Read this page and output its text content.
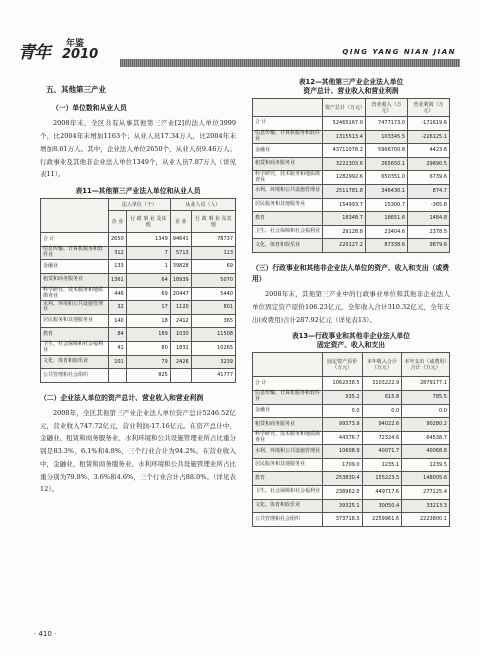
青年 年鉴
2010	QING YANG NIAN JIAN
五、其他第三产业
（一）单位数和从业人员

2008年末，全区共有从事其他第三产业[2]的法人单位3999个，比2004年末增加1163个；从业人员17.34万人，比2004年末增加8.61万人。其中，企业法人单位2650个，从业人员9.46万人；行政事业及其他非企业法人单位1349个，从业人员7.87万人（详见表11）。

表11—其他第三产业法人单位和从业人员
	法人单位（个）		从业人员（人）	
	企 业	行 政 事 业 及其他	企 业	行 政 事 业 及其他
合 计	2650	1349	94641	78737
信息传输、计算机服务和软件业	312	7	5713	113
金融业	133	1	39828	69
租赁和商务服务业	1361	64	18939	5070
科学研究、技术服务和地质勘查业	446	69	20447	5440
水利、环境和公共设施管理业	32	17	1120	801
居民服务和其他服务业	140	18	2412	365
教育	84	189	1030	11508
卫生、社会保障和社会福利业	41	80	1831	10265
文化、体育和娱乐业	101	79	2426	3239
公共管理和社会组织		825		41777
（二）企业法人单位的资产总计、营业收入和营业利润

2008年，全区其他第三产业企业法人单位资产总计5246.52亿元，营业收入747.72亿元，营业利润-17.16亿元。在资产总计中，金融业、租赁和商务服务业、水利环境和公共设施管理业所占比重分别是83.3%、6.1%和4.8%，三个行业合计为94.2%。在营业收入中，金融业、租赁和商务服务业、水利环境和公共设施管理业所占比重分别为79.8%、3.6%和4.6%，三个行业合计占88.0%。（详见表12）。

表12—其他第三产业企业法人单位
资产总计、营业收入和营业利润
	资产总计（万元）	营业收入（万元）	营业利润（万元）
合 计	52465167.0	7477173.0	-171619.6
信息传输、计算机服务和软件业	1315513.4	103345.5	-226125.1
金融业	43711078.2	5966700.8	4423.6
租赁和商务服务业	3222303.6	265650.1	29890.5
科学研究、技术服务和地质勘查业	1282992.6	650351.0	6739.6
水利、环境和公共设施管理业	2511781.8	346430.1	874.7
居民服务和其他服务业	154993.7	15300.7	-365.8
教育	18348.7	18651.6	1484.8
卫生、社会保障和社会福利业	29128.8	23404.6	2378.5
文化、体育和娱乐业	220127.2	87338.6	9879.6
（三）行政事业和其他非企业法人单位的资产、收入和支出（或费用）

2008年末，其他第三产业中的行政事业单位和其他非企业法人单位固定资产原价106.23亿元，全年收入合计310.32亿元，全年支出(或费用)合计287.92亿元（详见表13）。

表13—行政事业和其他非企业法人单位
固定资产、收入和支出
	固定资产原价（万元）	本年收入合计（万元）	本年支出（或费用）合计（万元）
合 计	1062338.5	3103222.9	2879177.1
信息传输、计算机服务和软件业	335.2	615.8	785.5
金融业	0.0	0.0	0.0
租赁和商务服务业	99373.9	94022.6	90280.2
科学研究、技术服务和地质勘查业	44376.7	72324.6	64538.7
水利、环境和公共设施管理业	10608.9	40071.7	40068.8
居民服务和其他服务业	1709.0	1235.1	1239.5
教育	253830.4	155223.5	148005.6
卫生、社会保障和社会福利业	238962.0	449717.6	277225.4
文化、体育和娱乐业	39325.1	30050.4	33213.3
公共管理和社会组织	373718.3	2259961.6	2223800.1
· 410 ·
